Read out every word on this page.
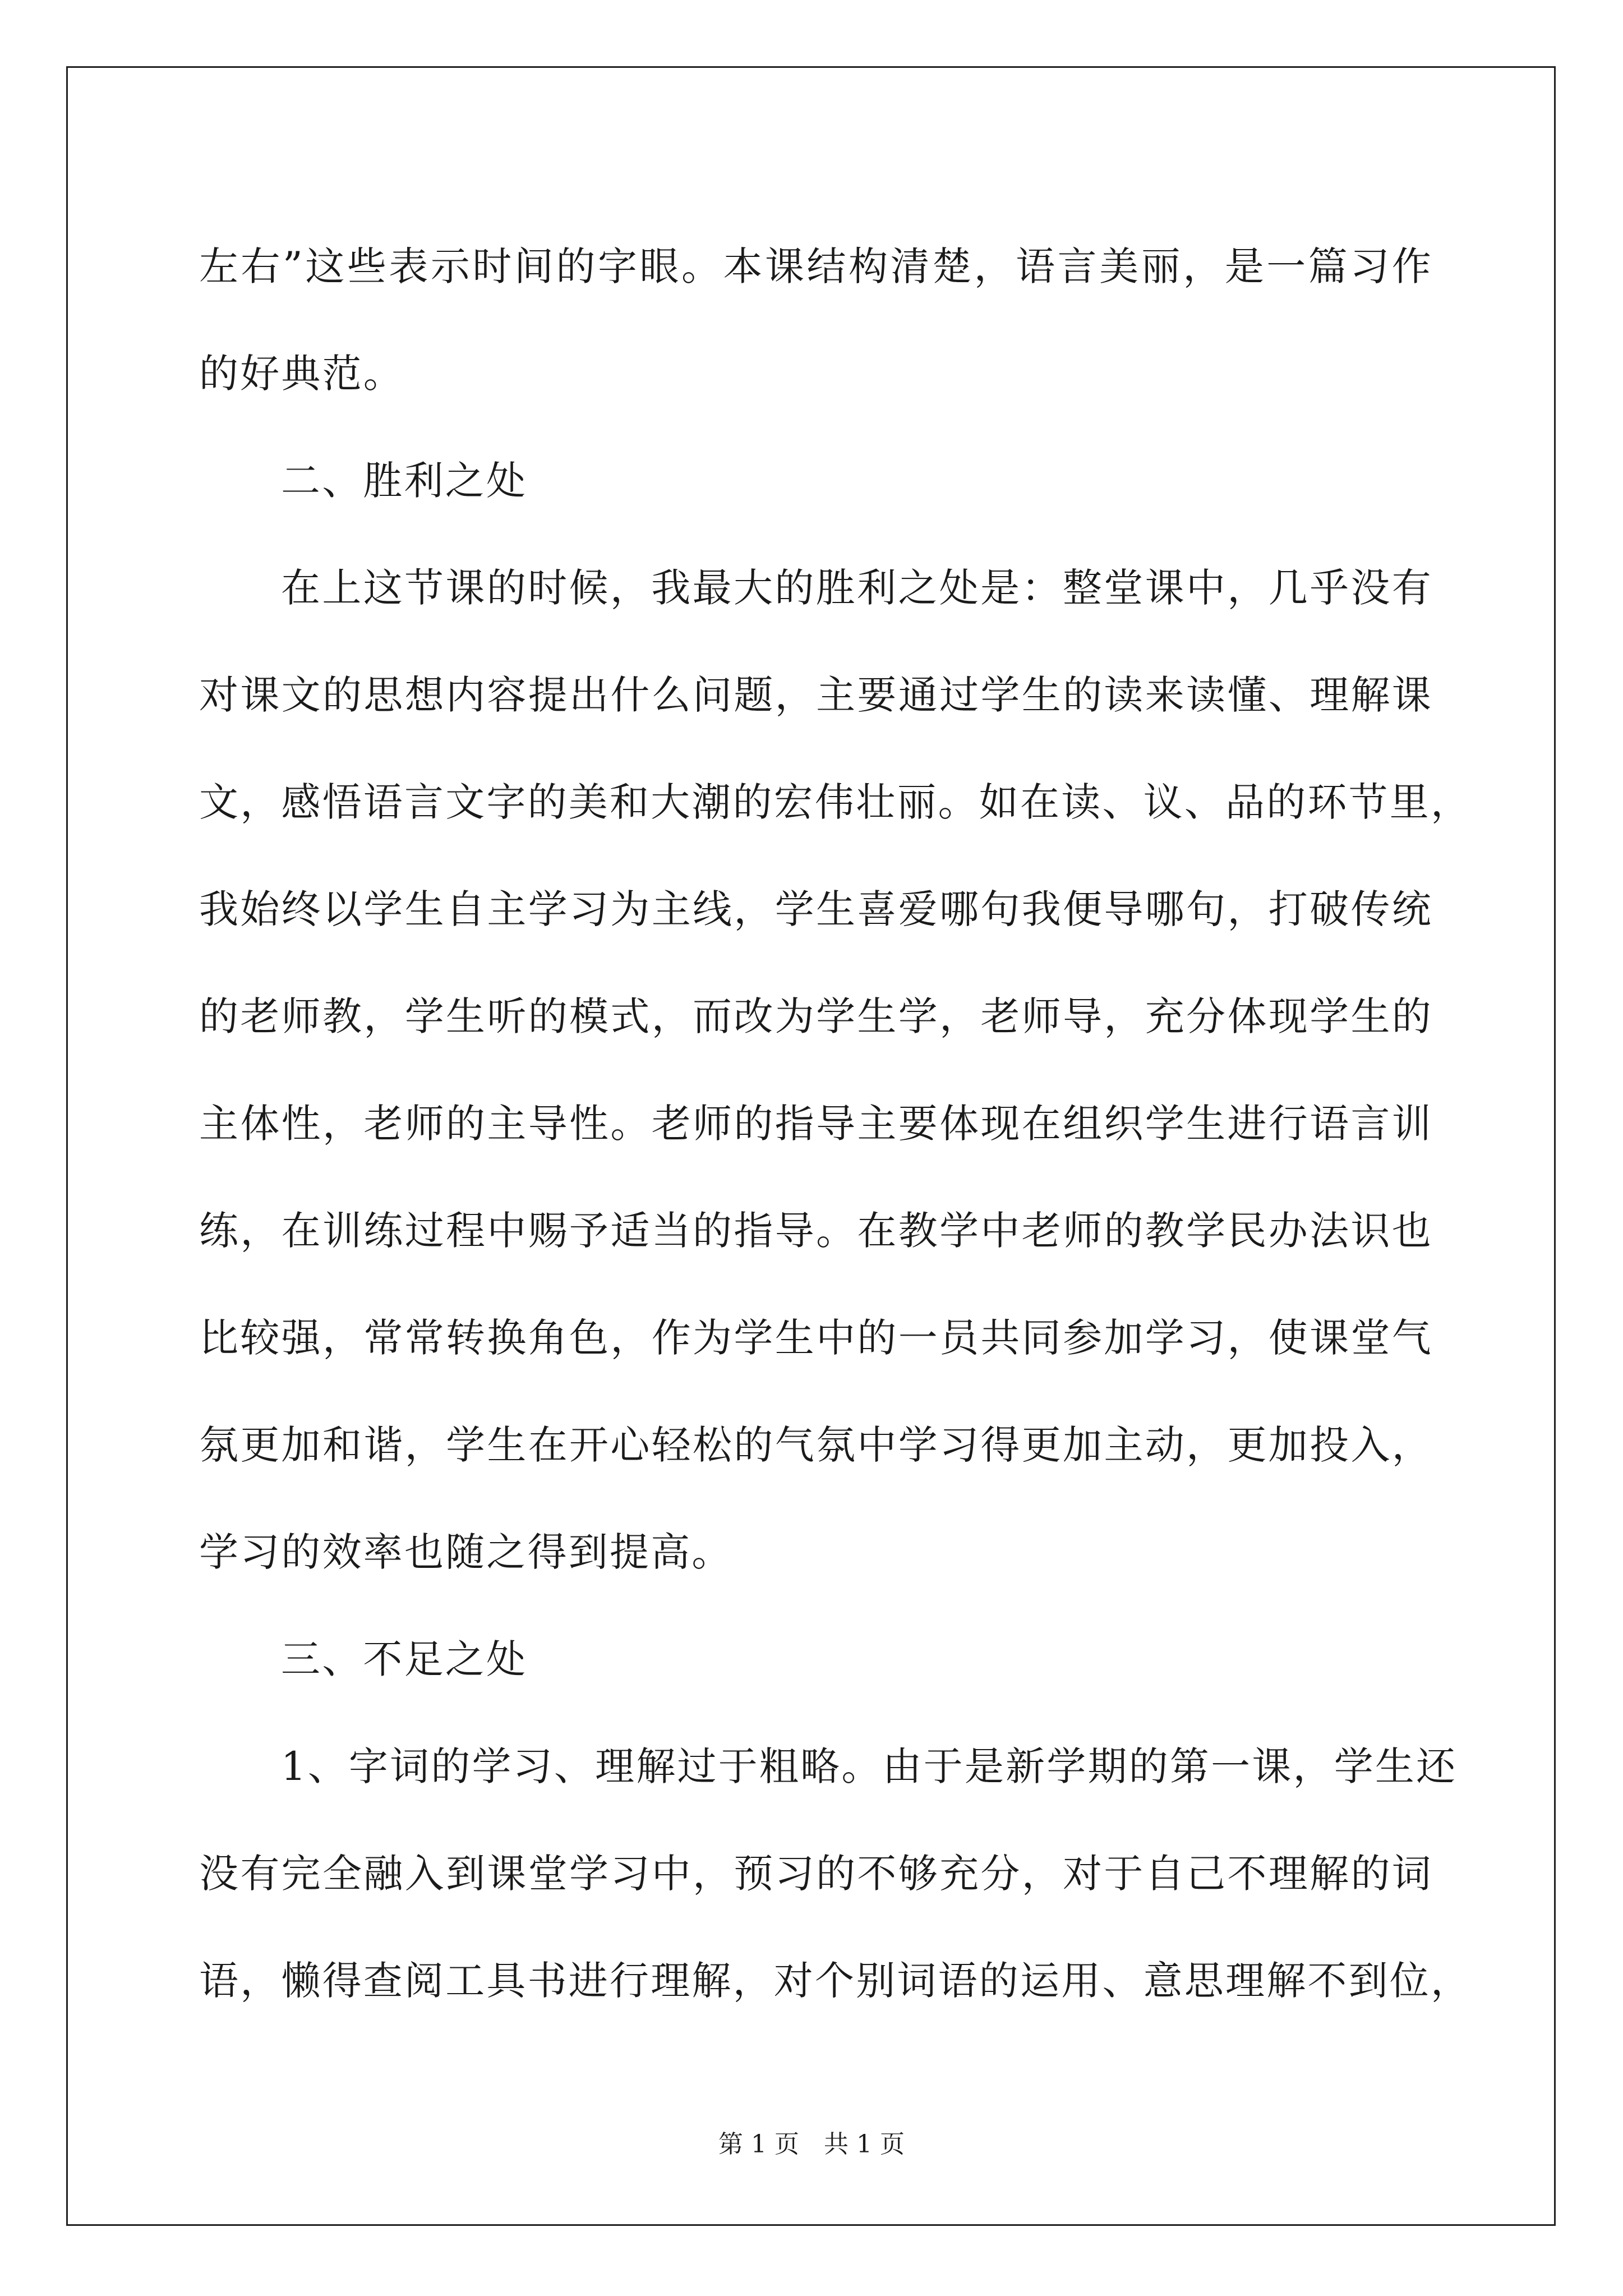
左右”这些表示时间的字眼。本课结构清楚，语言美丽，是一篇习作
的好典范。
二、胜利之处
在上这节课的时候，我最大的胜利之处是：整堂课中，几乎没有
对课文的思想内容提出什么问题，主要通过学生的读来读懂、理解课
文，感悟语言文字的美和大潮的宏伟壮丽。如在读、议、品的环节里，
我始终以学生自主学习为主线，学生喜爱哪句我便导哪句，打破传统
的老师教，学生听的模式，而改为学生学，老师导，充分体现学生的
主体性，老师的主导性。老师的指导主要体现在组织学生进行语言训
练，在训练过程中赐予适当的指导。在教学中老师的教学民办法识也
比较强，常常转换角色，作为学生中的一员共同参加学习，使课堂气
氛更加和谐，学生在开心轻松的气氛中学习得更加主动，更加投入，
学习的效率也随之得到提高。
三、不足之处
1、字词的学习、理解过于粗略。由于是新学期的第一课，学生还
没有完全融入到课堂学习中，预习的不够充分，对于自己不理解的词
语，懒得查阅工具书进行理解，对个别词语的运用、意思理解不到位，
第 1 页 共 1 页
